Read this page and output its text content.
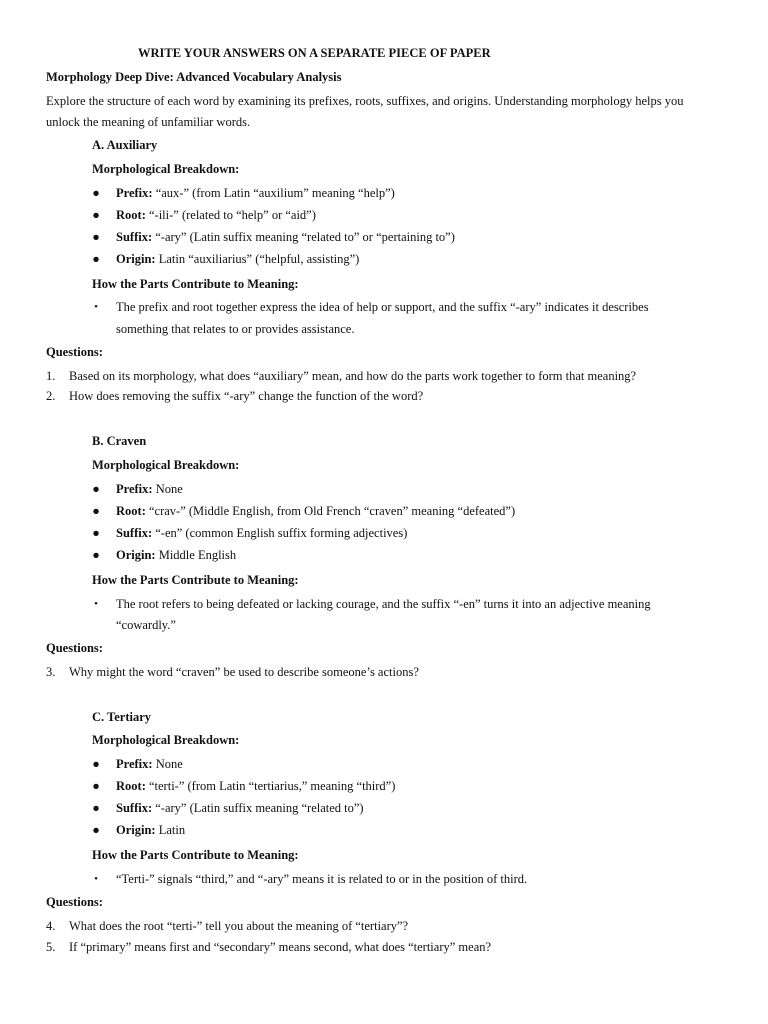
WRITE YOUR ANSWERS ON A SEPARATE PIECE OF PAPER
Morphology Deep Dive: Advanced Vocabulary Analysis
Explore the structure of each word by examining its prefixes, roots, suffixes, and origins. Understanding morphology helps you
unlock the meaning of unfamiliar words.
A. Auxiliary
Morphological Breakdown:
● Prefix: “aux-” (from Latin “auxilium” meaning “help”)
● Root: “-ili-” (related to “help” or “aid”)
● Suffix: “-ary” (Latin suffix meaning “related to” or “pertaining to”)
● Origin: Latin “auxiliarius” (“helpful, assisting”)
How the Parts Contribute to Meaning:
• The prefix and root together express the idea of help or support, and the suffix “-ary” indicates it describes
something that relates to or provides assistance.
Questions:
1. Based on its morphology, what does “auxiliary” mean, and how do the parts work together to form that meaning?
2. How does removing the suffix “-ary” change the function of the word?
B. Craven
Morphological Breakdown:
● Prefix: None
● Root: “crav-” (Middle English, from Old French “craven” meaning “defeated”)
● Suffix: “-en” (common English suffix forming adjectives)
● Origin: Middle English
How the Parts Contribute to Meaning:
• The root refers to being defeated or lacking courage, and the suffix “-en” turns it into an adjective meaning
“cowardly.”
Questions:
3. Why might the word “craven” be used to describe someone’s actions?
C. Tertiary
Morphological Breakdown:
● Prefix: None
● Root: “terti-” (from Latin “tertiarius,” meaning “third”)
● Suffix: “-ary” (Latin suffix meaning “related to”)
● Origin: Latin
How the Parts Contribute to Meaning:
• “Terti-” signals “third,” and “-ary” means it is related to or in the position of third.
Questions:
4. What does the root “terti-” tell you about the meaning of “tertiary”?
5. If “primary” means first and “secondary” means second, what does “tertiary” mean?
